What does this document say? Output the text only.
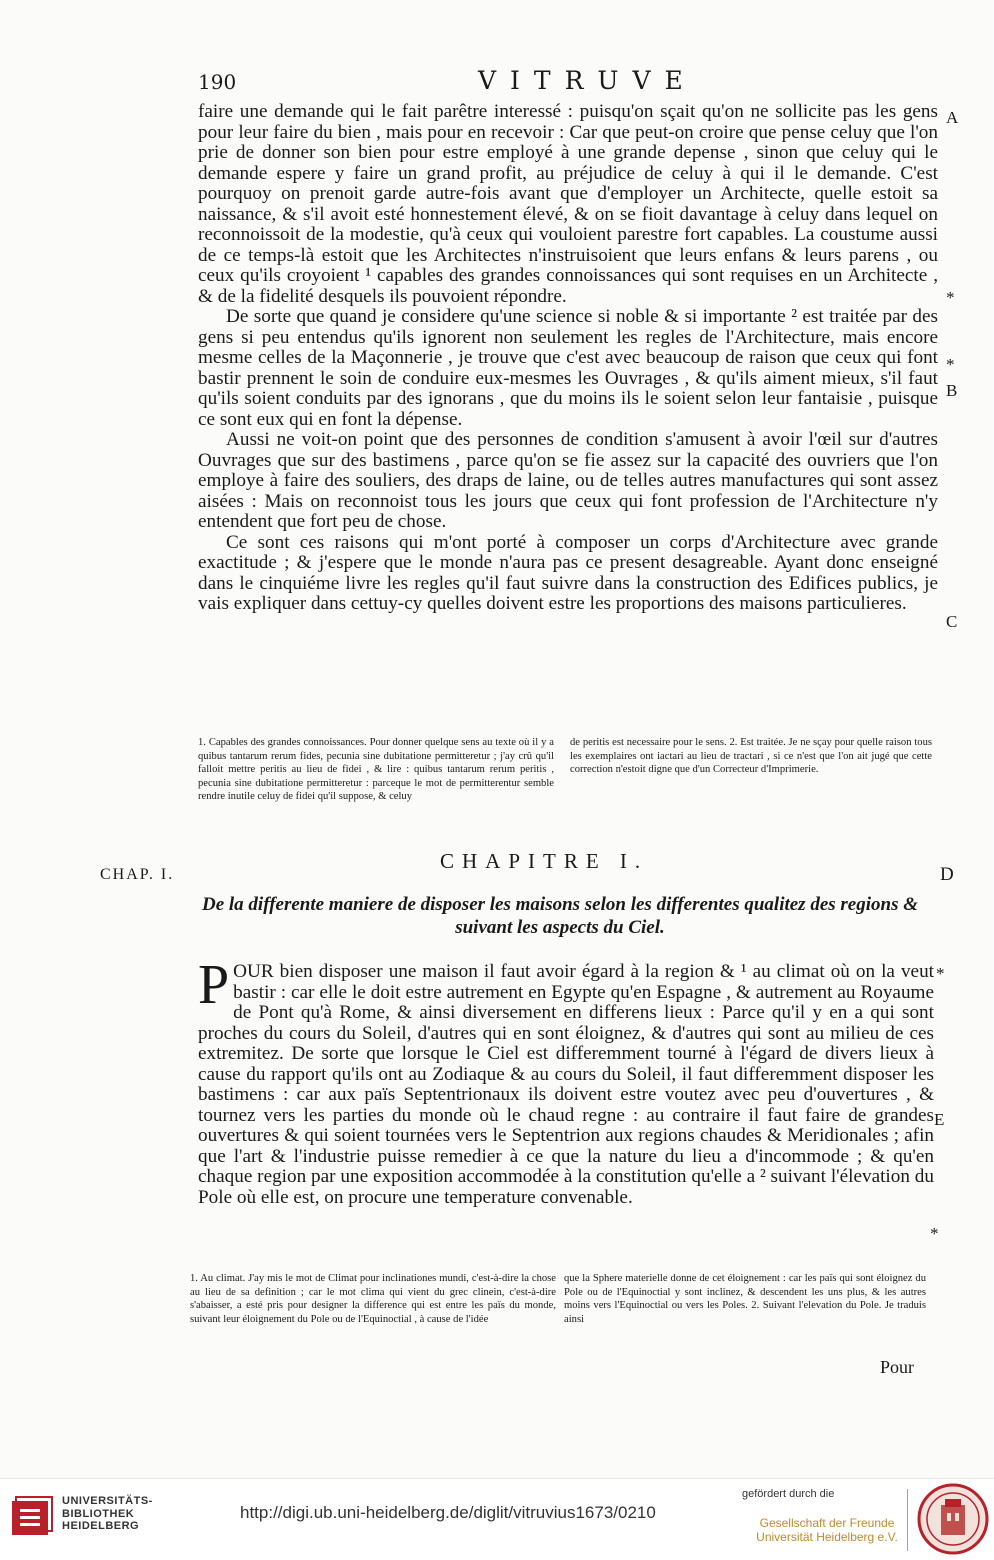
190	VITRUVE

faire une demande qui le fait parêtre interessé : puisqu'on sçait qu'on ne sollicite pas les gens pour leur faire du bien , mais pour en recevoir : Car que peut-on croire que pense celuy que l'on prie de donner son bien pour estre employé à une grande depense , sinon que celuy qui le demande espere y faire un grand profit, au préjudice de celuy à qui il le demande. C'est pourquoy on prenoit garde autre-fois avant que d'employer un Architecte, quelle estoit sa naissance, & s'il avoit esté honnestement élevé, & on se fioit davantage à celuy dans lequel on reconnoissoit de la modestie, qu'à ceux qui vouloient parestre fort capables. La coustume aussi de ce temps-là estoit que les Architectes n'instruisoient que leurs enfans & leurs parens , ou ceux qu'ils croyoient ¹ capables des grandes connoissances qui sont requises en un Architecte , & de la fidelité desquels ils pouvoient répondre.

De sorte que quand je considere qu'une science si noble & si importante ² est traitée par des gens si peu entendus qu'ils ignorent non seulement les regles de l'Architecture, mais encore mesme celles de la Maçonnerie , je trouve que c'est avec beaucoup de raison que ceux qui font bastir prennent le soin de conduire eux-mesmes les Ouvrages , & qu'ils aiment mieux, s'il faut qu'ils soient conduits par des ignorans , que du moins ils le soient selon leur fantaisie , puisque ce sont eux qui en font la dépense.

Aussi ne voit-on point que des personnes de condition s'amusent à avoir l'œil sur d'autres Ouvrages que sur des bastimens , parce qu'on se fie assez sur la capacité des ouvriers que l'on employe à faire des souliers, des draps de laine, ou de telles autres manufactures qui sont assez aisées : Mais on reconnoist tous les jours que ceux qui font profession de l'Architecture n'y entendent que fort peu de chose.

Ce sont ces raisons qui m'ont porté à composer un corps d'Architecture avec grande exactitude ; & j'espere que le monde n'aura pas ce present desagreable. Ayant donc enseigné dans le cinquiéme livre les regles qu'il faut suivre dans la construction des Edifices publics, je vais expliquer dans cettuy-cy quelles doivent estre les proportions des maisons particulieres.

A
*
*
B
C

1. Capables des grandes connoissances. Pour donner quelque sens au texte où il y a quibus tantarum rerum fides, pecunia sine dubitatione permitteretur ; j'ay crû qu'il falloit mettre peritis au lieu de fidei , & lire : quibus tantarum rerum peritis , pecunia sine dubitatione permitteretur : parceque le mot de permitterentur semble rendre inutile celuy de fidei qu'il suppose, & celuy

de peritis est necessaire pour le sens. 2. Est traitée. Je ne sçay pour quelle raison tous les exemplaires ont iactari au lieu de tractari , si ce n'est que l'on ait jugé que cette correction n'estoit digne que d'un Correcteur d'Imprimerie.

CHAP. I.
CHAPITRE I.
D
De la differente maniere de disposer les maisons selon les differentes qualitez des regions & suivant les aspects du Ciel.
P OUR bien disposer une maison il faut avoir égard à la region & ¹ au climat où on la veut bastir : car elle le doit estre autrement en Egypte qu'en Espagne , & autrement au Royaume de Pont qu'à Rome, & ainsi diversement en differens lieux : Parce qu'il y en a qui sont proches du cours du Soleil, d'autres qui en sont éloignez, & d'autres qui sont au milieu de ces extremitez. De sorte que lorsque le Ciel est differemment tourné à l'égard de divers lieux à cause du rapport qu'ils ont au Zodiaque & au cours du Soleil, il faut differemment disposer les bastimens : car aux païs Septentrionaux ils doivent estre voutez avec peu d'ouvertures , & tournez vers les parties du monde où le chaud regne : au contraire il faut faire de grandes ouvertures & qui soient tournées vers le Septentrion aux regions chaudes & Meridionales ; afin que l'art & l'industrie puisse remedier à ce que la nature du lieu a d'incommode ; & qu'en chaque region par une exposition accommodée à la constitution qu'elle a ² suivant l'élevation du Pole où elle est, on procure une temperature convenable.
*
E
*

1. Au climat. J'ay mis le mot de Climat pour inclinationes mundi, c'est-à-dire la chose au lieu de sa definition ; car le mot clima qui vient du grec clinein, c'est-à-dire s'abaisser, a esté pris pour designer la difference qui est entre les païs du monde, suivant leur éloignement du Pole ou de l'Equinoctial , à cause de l'idée

que la Sphere materielle donne de cet éloignement : car les païs qui sont éloignez du Pole ou de l'Equinoctial y sont inclinez, & descendent les uns plus, & les autres moins vers l'Equinoctial ou vers les Poles. 2. Suivant l'elevation du Pole. Je traduis ainsi

Pour
UNIVERSITÄTS-
BIBLIOTHEK
HEIDELBERG
http://digi.ub.uni-heidelberg.de/diglit/vitruvius1673/0210
gefördert durch die
Gesellschaft der Freunde
Universität Heidelberg e.V.
